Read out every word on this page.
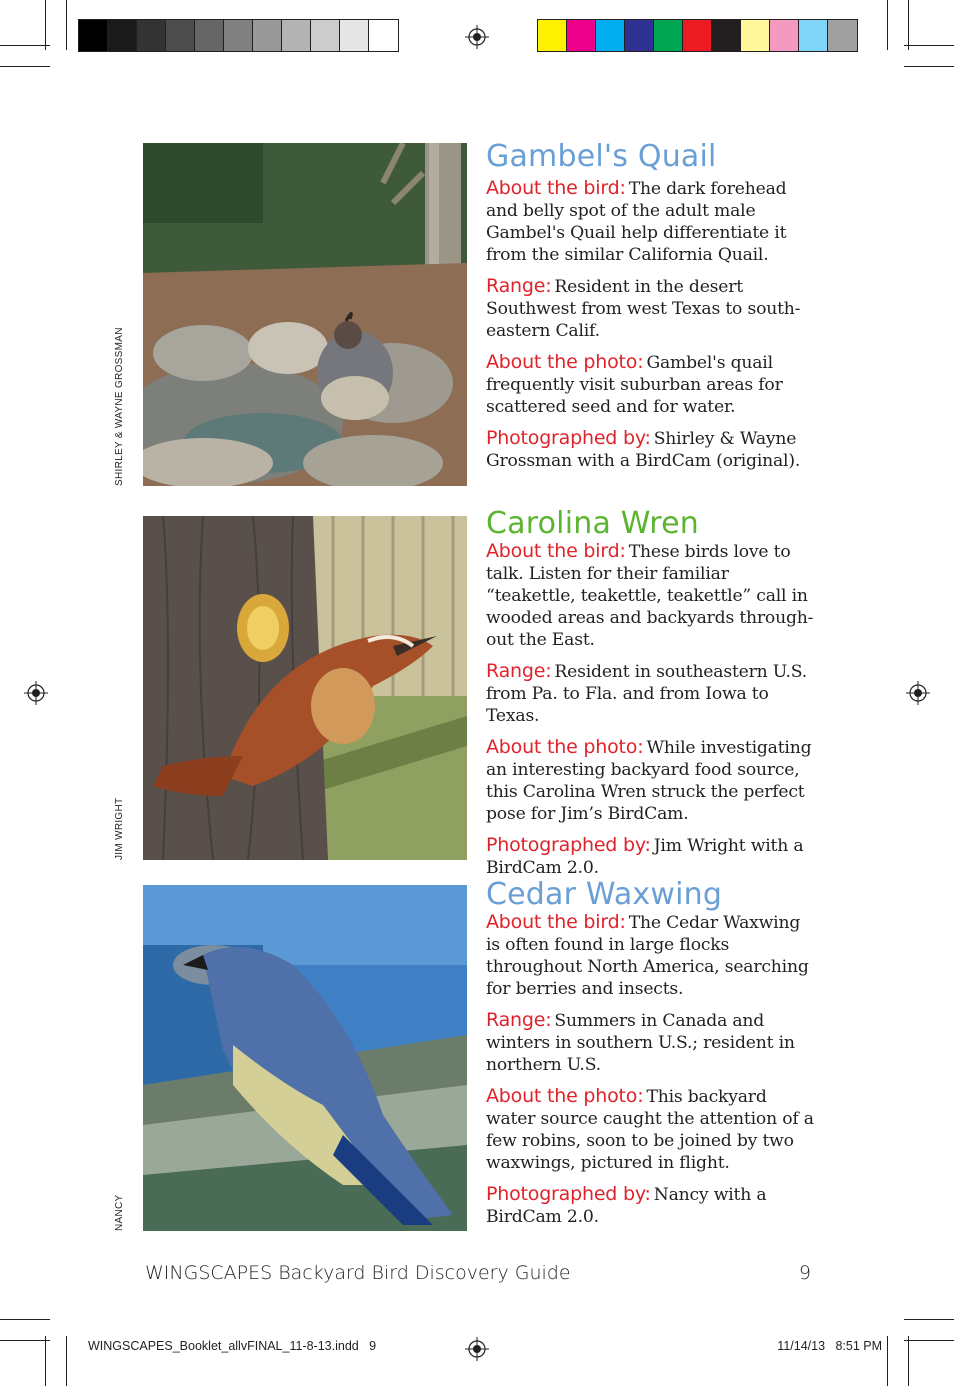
SHIRLEY & WAYNE GROSSMAN
Gambel's Quail

About the bird: The dark forehead and belly spot of the adult male Gambel's Quail help differentiate it from the similar California Quail.

Range: Resident in the desert Southwest from west Texas to southeastern Calif.

About the photo: Gambel's quail frequently visit suburban areas for scattered seed and for water.

Photographed by: Shirley & Wayne Grossman with a BirdCam (original).

JIM WRIGHT
Carolina Wren

About the bird: These birds love to talk. Listen for their familiar “teakettle, teakettle, teakettle” call in wooded areas and backyards throughout the East.

Range: Resident in southeastern U.S. from Pa. to Fla. and from Iowa to Texas.

About the photo: While investigating an interesting backyard food source, this Carolina Wren struck the perfect pose for Jim’s BirdCam.

Photographed by: Jim Wright with a BirdCam 2.0.

NANCY
Cedar Waxwing

About the bird: The Cedar Waxwing is often found in large flocks throughout North America, searching for berries and insects.

Range: Summers in Canada and winters in southern U.S.; resident in northern U.S.

About the photo: This backyard water source caught the attention of a few robins, soon to be joined by two waxwings, pictured in flight.

Photographed by: Nancy with a BirdCam 2.0.

WINGSCAPES Backyard Bird Discovery Guide	9
WINGSCAPES_Booklet_allvFINAL_11-8-13.indd   9	11/14/13   8:51 PM
